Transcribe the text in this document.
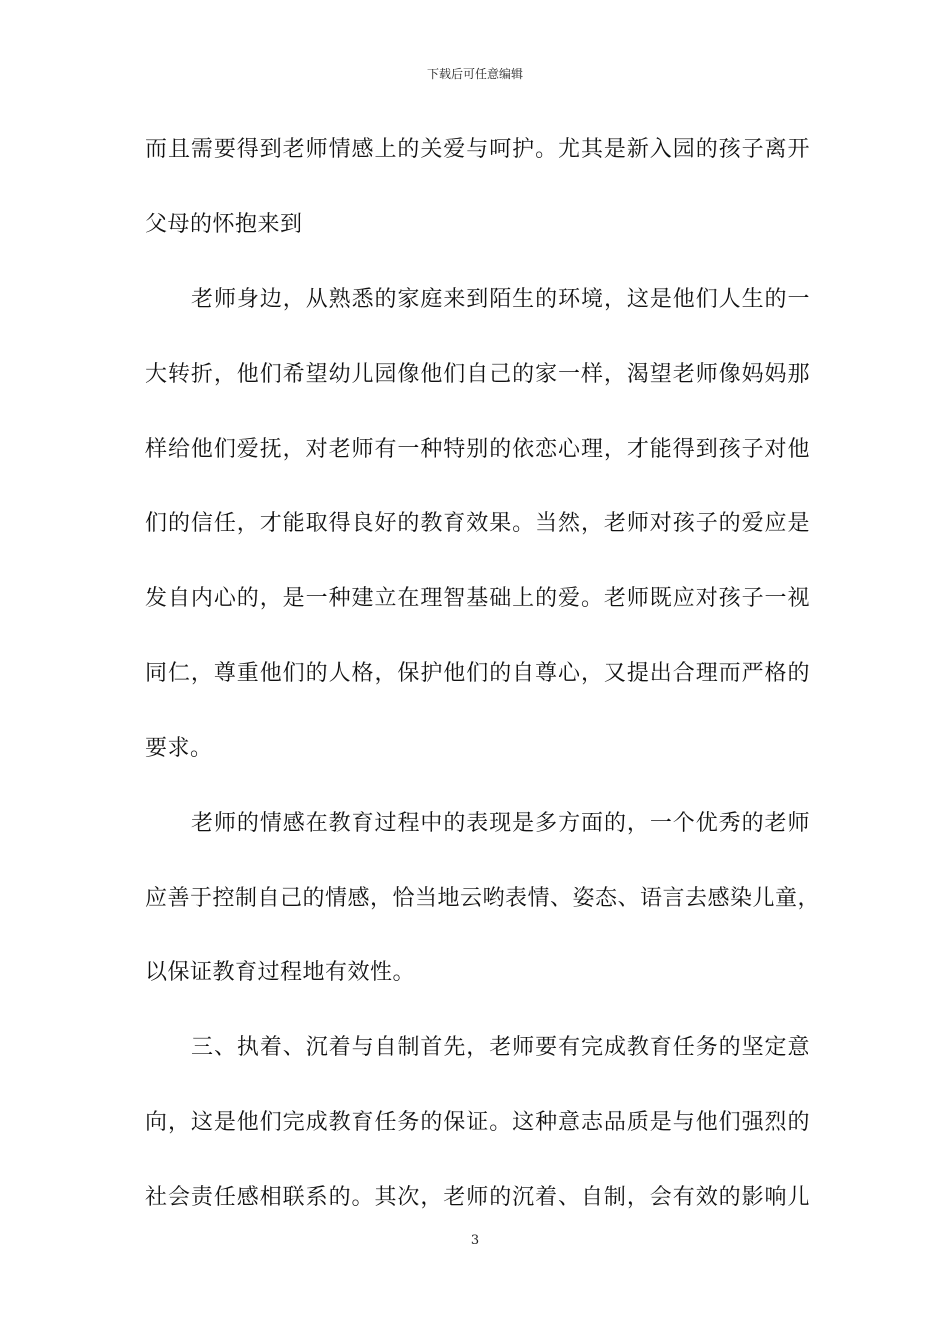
下载后可任意编辑
而且需要得到老师情感上的关爱与呵护。尤其是新入园的孩子离开
父母的怀抱来到
老师身边，从熟悉的家庭来到陌生的环境，这是他们人生的一
大转折，他们希望幼儿园像他们自己的家一样，渴望老师像妈妈那
样给他们爱抚，对老师有一种特别的依恋心理，才能得到孩子对他
们的信任，才能取得良好的教育效果。当然，老师对孩子的爱应是
发自内心的，是一种建立在理智基础上的爱。老师既应对孩子一视
同仁，尊重他们的人格，保护他们的自尊心，又提出合理而严格的
要求。
老师的情感在教育过程中的表现是多方面的，一个优秀的老师
应善于控制自己的情感，恰当地云哟表情、姿态、语言去感染儿童，
以保证教育过程地有效性。
三、执着、沉着与自制首先，老师要有完成教育任务的坚定意
向，这是他们完成教育任务的保证。这种意志品质是与他们强烈的
社会责任感相联系的。其次，老师的沉着、自制，会有效的影响儿
3
